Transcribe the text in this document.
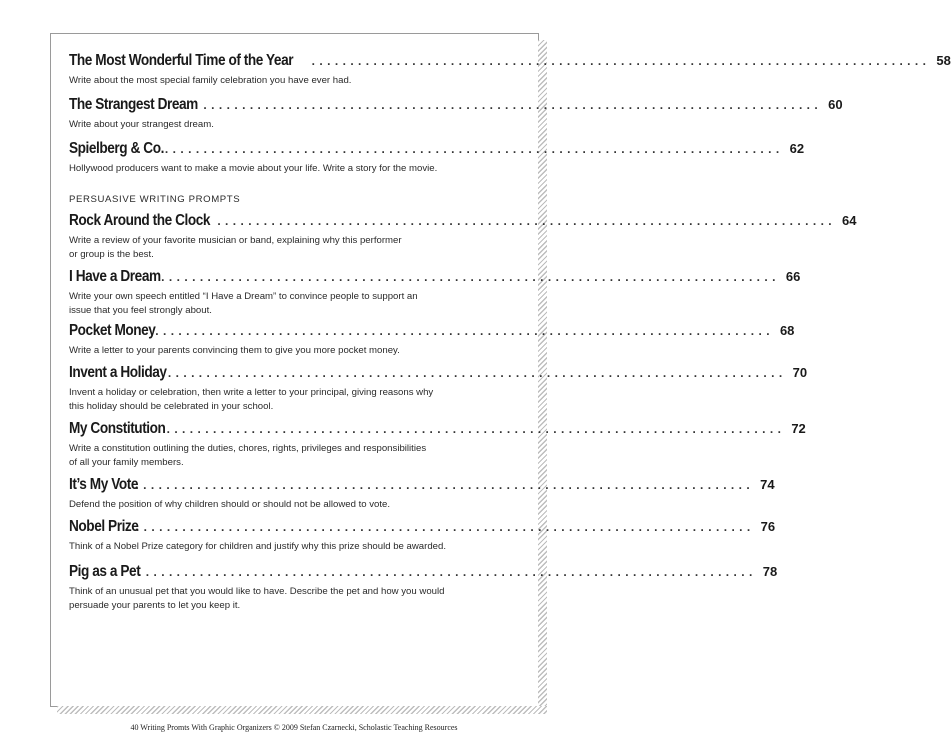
The Most Wonderful Time of the Year ................................................................................ 58
Write about the most special family celebration you have ever had.
The Strangest Dream ................................................................................ 60
Write about your strangest dream.
Spielberg & Co. ................................................................................ 62
Hollywood producers want to make a movie about your life. Write a story for the movie.
PERSUASIVE WRITING PROMPTS
Rock Around the Clock ................................................................................ 64
Write a review of your favorite musician or band, explaining why this performer
or group is the best.
I Have a Dream ................................................................................ 66
Write your own speech entitled “I Have a Dream” to convince people to support an
issue that you feel strongly about.
Pocket Money ................................................................................ 68
Write a letter to your parents convincing them to give you more pocket money.
Invent a Holiday ................................................................................ 70
Invent a holiday or celebration, then write a letter to your principal, giving reasons why
this holiday should be celebrated in your school.
My Constitution ................................................................................ 72
Write a constitution outlining the duties, chores, rights, privileges and responsibilities
of all your family members.
It’s My Vote
................................................................................ 74
Defend the position of why children should or should not be allowed to vote.
Nobel Prize
................................................................................ 76
Think of a Nobel Prize category for children and justify why this prize should be awarded.
Pig as a Pet
................................................................................ 78
Think of an unusual pet that you would like to have. Describe the pet and how you would
persuade your parents to let you keep it.
40 Writing Promts With Graphic Organizers © 2009 Stefan Czarnecki, Scholastic Teaching Resources
